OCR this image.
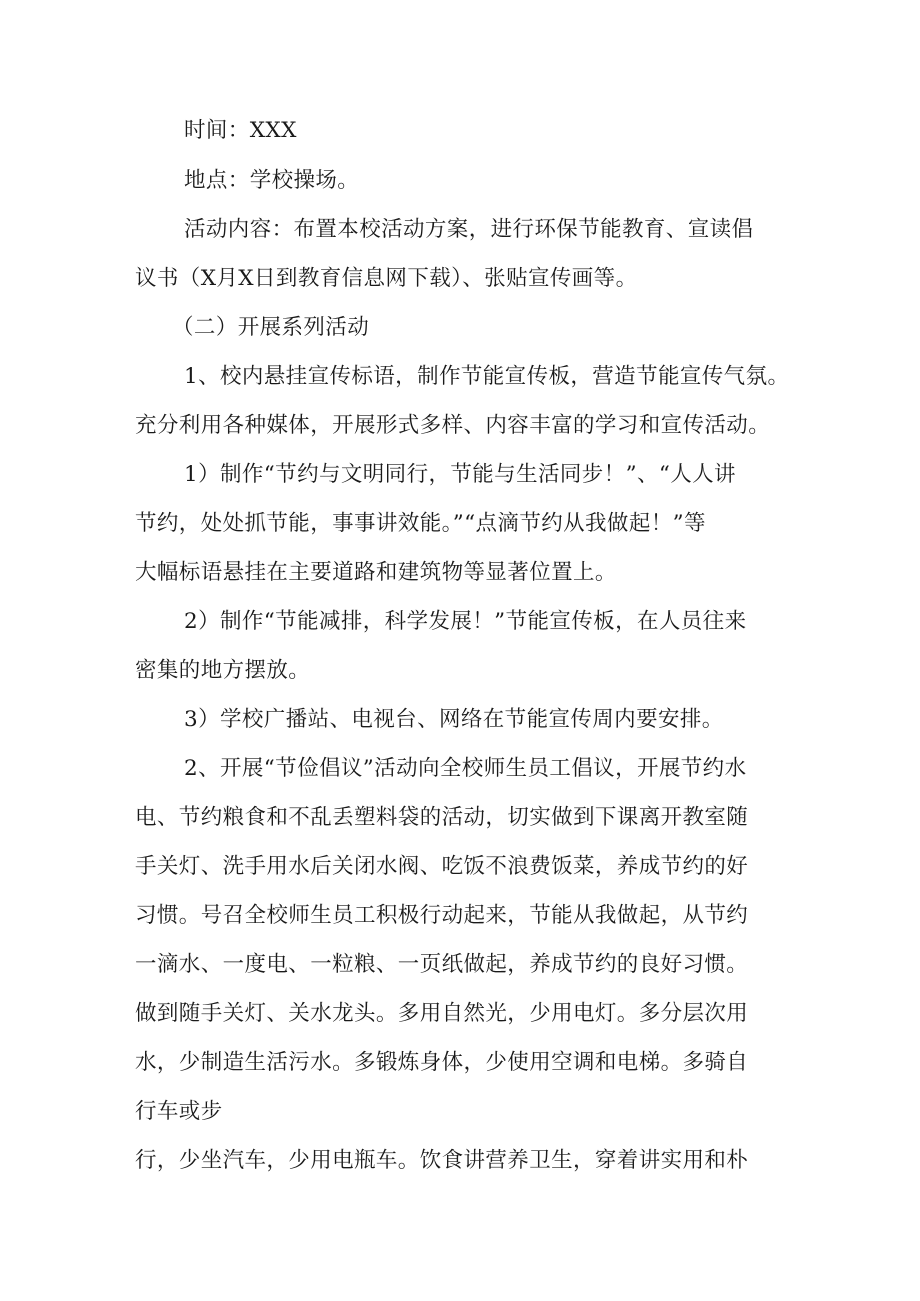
时间：XXX

地点：学校操场。

活动内容：布置本校活动方案，进行环保节能教育、宣读倡

议书（X月X日到教育信息网下载）、张贴宣传画等。

（二）开展系列活动

1、校内悬挂宣传标语，制作节能宣传板，营造节能宣传气氛。

充分利用各种媒体，开展形式多样、内容丰富的学习和宣传活动。

1）制作“节约与文明同行，节能与生活同步！”、“人人讲

节约，处处抓节能，事事讲效能。”“点滴节约从我做起！”等

大幅标语悬挂在主要道路和建筑物等显著位置上。

2）制作“节能减排，科学发展！”节能宣传板，在人员往来

密集的地方摆放。

3）学校广播站、电视台、网络在节能宣传周内要安排。

2、开展“节俭倡议”活动向全校师生员工倡议，开展节约水

电、节约粮食和不乱丢塑料袋的活动，切实做到下课离开教室随

手关灯、洗手用水后关闭水阀、吃饭不浪费饭菜，养成节约的好

习惯。号召全校师生员工积极行动起来，节能从我做起，从节约

一滴水、一度电、一粒粮、一页纸做起，养成节约的良好习惯。

做到随手关灯、关水龙头。多用自然光，少用电灯。多分层次用

水，少制造生活污水。多锻炼身体，少使用空调和电梯。多骑自

行车或步

行，少坐汽车，少用电瓶车。饮食讲营养卫生，穿着讲实用和朴
